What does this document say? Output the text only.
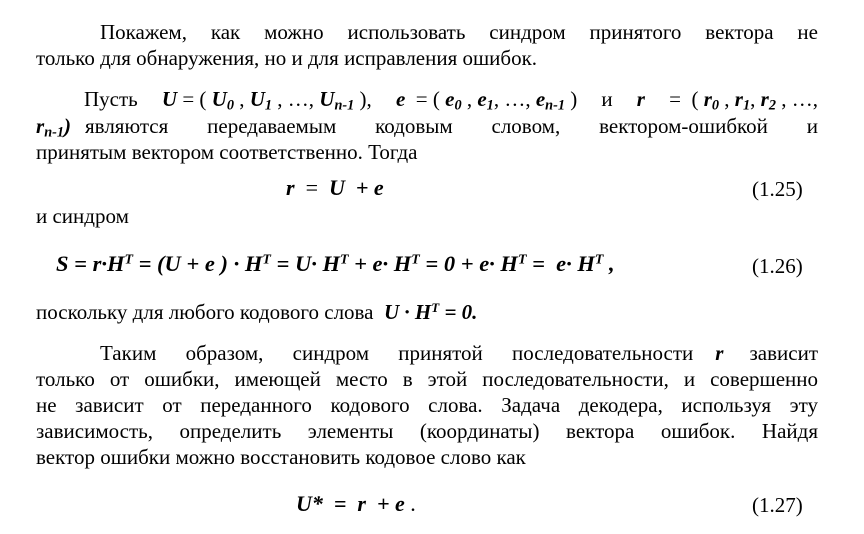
Покажем, как можно использовать синдром принятого вектора не
только для обнаружения, но и для исправления ошибок.
Пусть U = ( $U_0$ , $U_1$ , …, $U_{n-1}$ ), e  = ( $e_0$ , $e_1$, …, $e_{n-1}$ ) и r =  ( $r_0$ , $r_1$, $r_2$ , …,
$r_{n-1}$) являются передаваемым кодовым словом, вектором-ошибкой и
принятым вектором соответственно. Тогда
r  =  U  + e	(1.25)
и синдром
$S = r\cdot H^T = (U + e$ ) · $H^T = U\cdot H^T + e\cdot H^T = 0 + e\cdot H^T = e\cdot H^T$ ,	(1.26)
поскольку для любого кодового слова  $U \cdot H^T = 0$.
Таким образом, синдром принятой последовательности r зависит
только от ошибки, имеющей место в этой последовательности, и совершенно
не зависит от переданного кодового слова. Задача декодера, используя эту
зависимость, определить элементы (координаты) вектора ошибок. Найдя
вектор ошибки можно восстановить кодовое слово как
U*  =  r  + e .	(1.27)
